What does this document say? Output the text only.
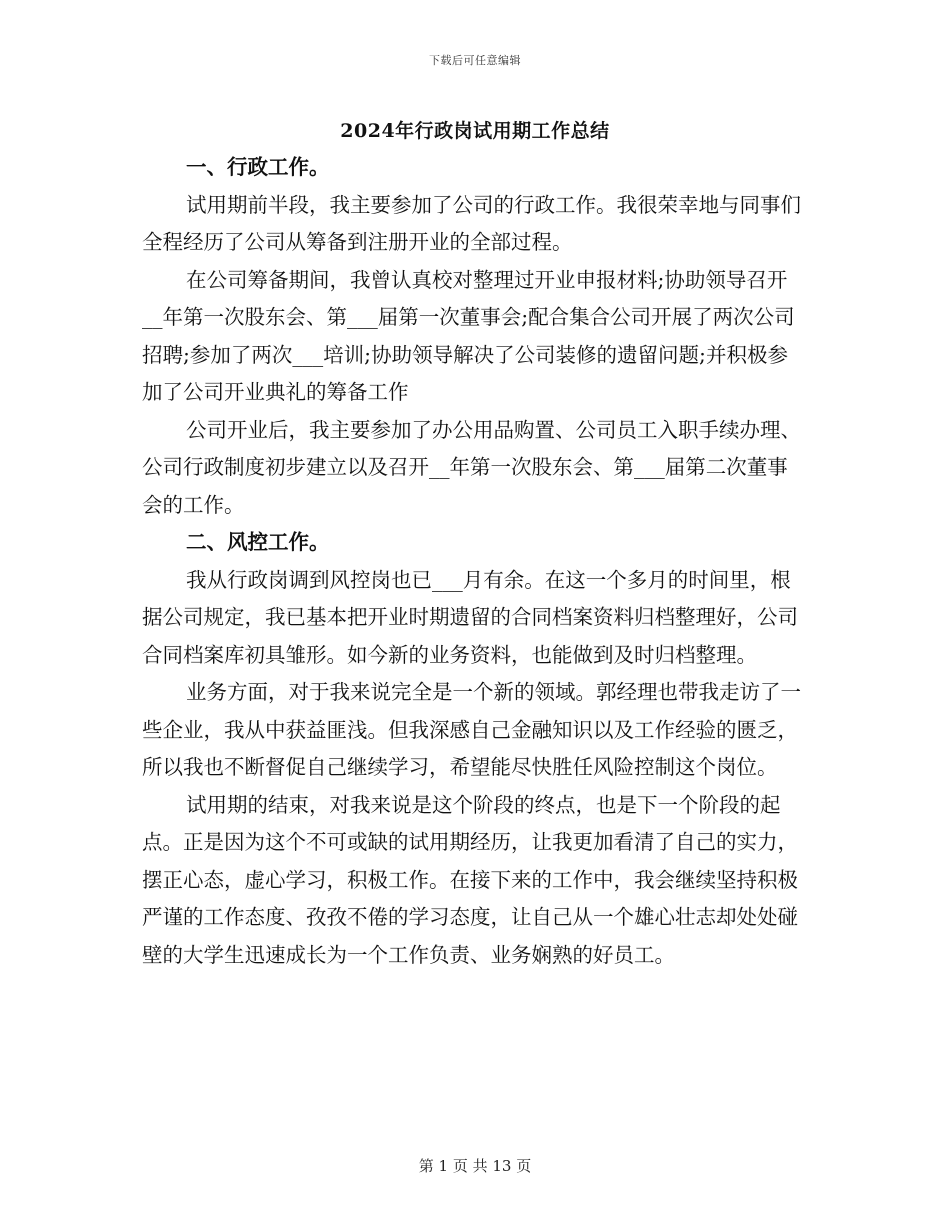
下载后可任意编辑
2024年行政岗试用期工作总结
一、行政工作。

试用期前半段，我主要参加了公司的行政工作。我很荣幸地与同事们全程经历了公司从筹备到注册开业的全部过程。

在公司筹备期间，我曾认真校对整理过开业申报材料;协助领导召开__年第一次股东会、第___届第一次董事会;配合集合公司开展了两次公司招聘;参加了两次___培训;协助领导解决了公司装修的遗留问题;并积极参加了公司开业典礼的筹备工作

公司开业后，我主要参加了办公用品购置、公司员工入职手续办理、公司行政制度初步建立以及召开__年第一次股东会、第___届第二次董事会的工作。

二、风控工作。

我从行政岗调到风控岗也已___月有余。在这一个多月的时间里，根据公司规定，我已基本把开业时期遗留的合同档案资料归档整理好，公司合同档案库初具雏形。如今新的业务资料，也能做到及时归档整理。

业务方面，对于我来说完全是一个新的领域。郭经理也带我走访了一些企业，我从中获益匪浅。但我深感自己金融知识以及工作经验的匮乏，所以我也不断督促自己继续学习，希望能尽快胜任风险控制这个岗位。

试用期的结束，对我来说是这个阶段的终点，也是下一个阶段的起点。正是因为这个不可或缺的试用期经历，让我更加看清了自己的实力，摆正心态，虚心学习，积极工作。在接下来的工作中，我会继续坚持积极严谨的工作态度、孜孜不倦的学习态度，让自己从一个雄心壮志却处处碰壁的大学生迅速成长为一个工作负责、业务娴熟的好员工。

第 1 页 共 13 页
